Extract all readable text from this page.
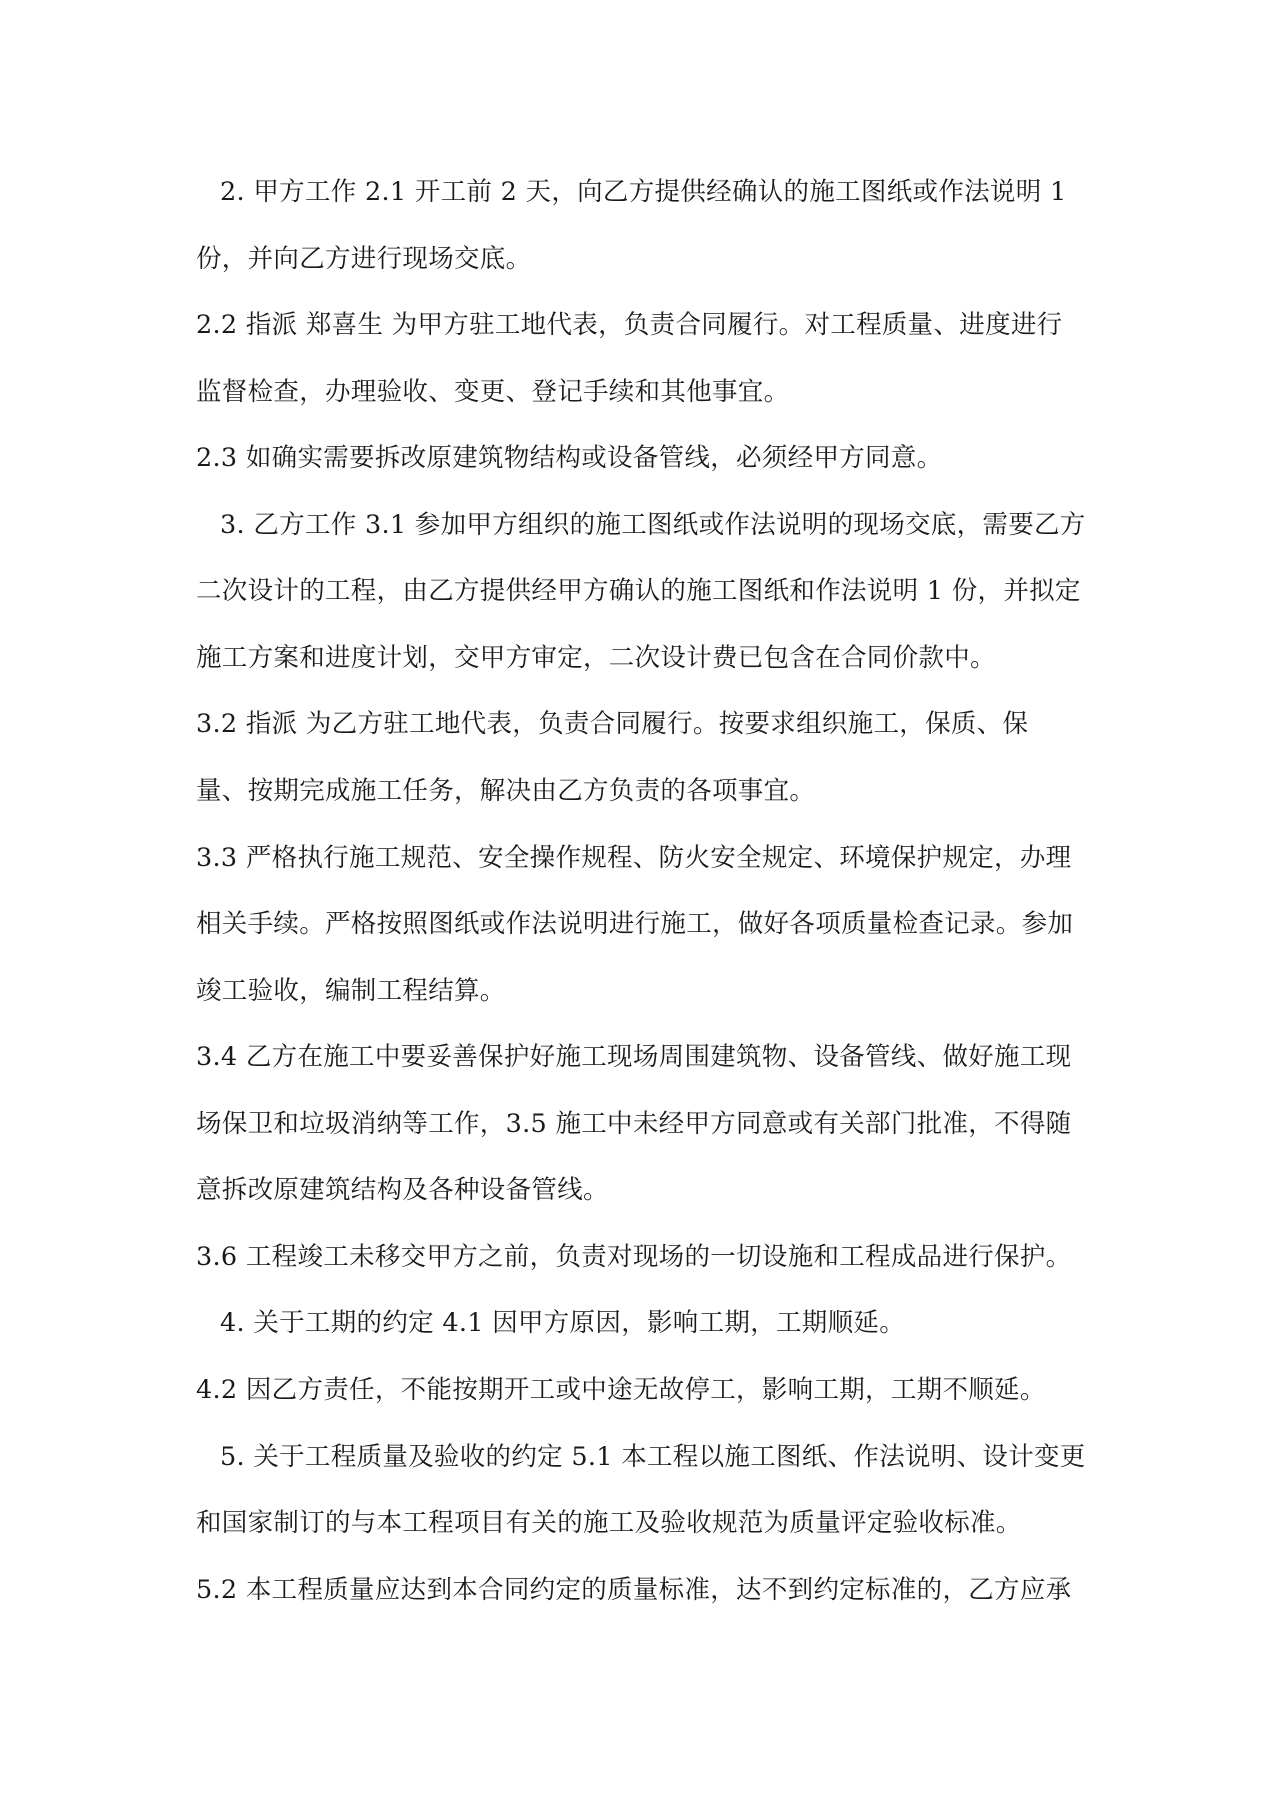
2. 甲方工作 2.1 开工前 2 天，向乙方提供经确认的施工图纸或作法说明 1
份，并向乙方进行现场交底。
2.2 指派 郑喜生 为甲方驻工地代表，负责合同履行。对工程质量、进度进行
监督检查，办理验收、变更、登记手续和其他事宜。
2.3 如确实需要拆改原建筑物结构或设备管线，必须经甲方同意。
3. 乙方工作 3.1 参加甲方组织的施工图纸或作法说明的现场交底，需要乙方
二次设计的工程，由乙方提供经甲方确认的施工图纸和作法说明 1 份，并拟定
施工方案和进度计划，交甲方审定，二次设计费已包含在合同价款中。
3.2 指派 为乙方驻工地代表，负责合同履行。按要求组织施工，保质、保
量、按期完成施工任务，解决由乙方负责的各项事宜。
3.3 严格执行施工规范、安全操作规程、防火安全规定、环境保护规定，办理
相关手续。严格按照图纸或作法说明进行施工，做好各项质量检查记录。参加
竣工验收，编制工程结算。
3.4 乙方在施工中要妥善保护好施工现场周围建筑物、设备管线、做好施工现
场保卫和垃圾消纳等工作，3.5 施工中未经甲方同意或有关部门批准，不得随
意拆改原建筑结构及各种设备管线。
3.6 工程竣工未移交甲方之前，负责对现场的一切设施和工程成品进行保护。
4. 关于工期的约定 4.1 因甲方原因，影响工期，工期顺延。
4.2 因乙方责任，不能按期开工或中途无故停工，影响工期，工期不顺延。
5. 关于工程质量及验收的约定 5.1 本工程以施工图纸、作法说明、设计变更
和国家制订的与本工程项目有关的施工及验收规范为质量评定验收标准。
5.2 本工程质量应达到本合同约定的质量标准，达不到约定标准的，乙方应承
